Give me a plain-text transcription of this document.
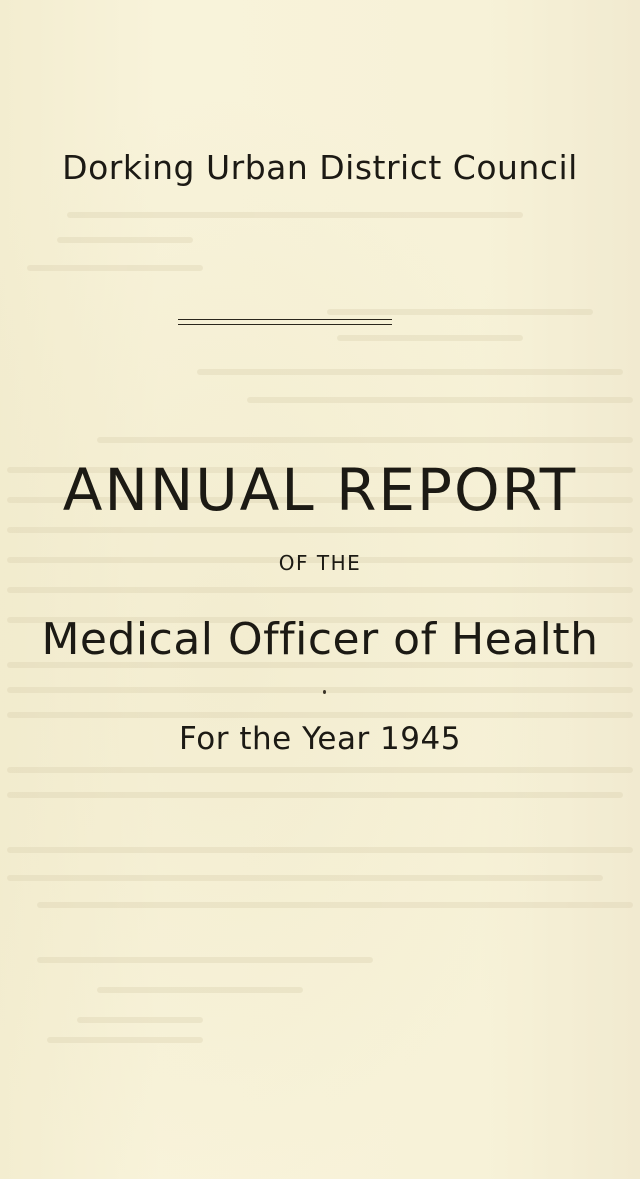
Dorking Urban District Council
ANNUAL REPORT
OF THE
Medical Officer of Health
For the Year 1945
